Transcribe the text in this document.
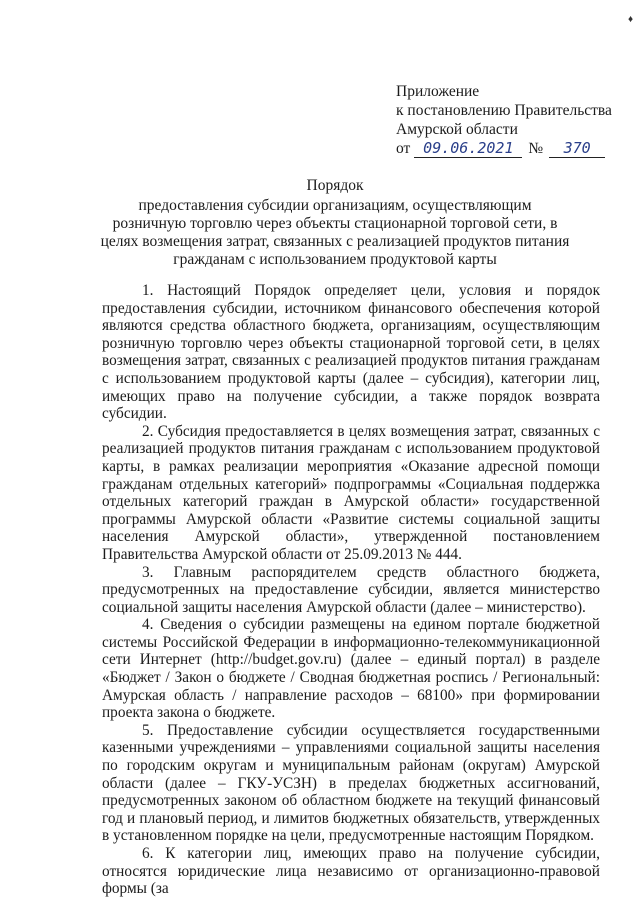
♦
Приложение
к постановлению Правительства
Амурской области
от 09.06.2021 №	370
Порядок
предоставления субсидии организациям, осуществляющим розничную торговлю через объекты стационарной торговой сети, в целях возмещения затрат, связанных с реализацией продуктов питания гражданам с использованием продуктовой карты

1. Настоящий Порядок определяет цели, условия и порядок предоставления субсидии, источником финансового обеспечения которой являются средства областного бюджета, организациям, осуществляющим розничную торговлю через объекты стационарной торговой сети, в целях возмещения затрат, связанных с реализацией продуктов питания гражданам с использованием продуктовой карты (далее – субсидия), категории лиц, имеющих право на получение субсидии, а также порядок возврата субсидии.

2. Субсидия предоставляется в целях возмещения затрат, связанных с реализацией продуктов питания гражданам с использованием продуктовой карты, в рамках реализации мероприятия «Оказание адресной помощи гражданам отдельных категорий» подпрограммы «Социальная поддержка отдельных категорий граждан в Амурской области» государственной программы Амурской области «Развитие системы социальной защиты населения Амурской области», утвержденной постановлением Правительства Амурской области от 25.09.2013 № 444.

3. Главным распорядителем средств областного бюджета, предусмотренных на предоставление субсидии, является министерство социальной защиты населения Амурской области (далее – министерство).

4. Сведения о субсидии размещены на едином портале бюджетной системы Российской Федерации в информационно-телекоммуникационной сети Интернет (http://budget.gov.ru) (далее – единый портал) в разделе «Бюджет / Закон о бюджете / Сводная бюджетная роспись / Региональный: Амурская область / направление расходов – 68100» при формировании проекта закона о бюджете.

5. Предоставление субсидии осуществляется государственными казенными учреждениями – управлениями социальной защиты населения по городским округам и муниципальным районам (округам) Амурской области (далее – ГКУ-УСЗН) в пределах бюджетных ассигнований, предусмотренных законом об областном бюджете на текущий финансовый год и плановый период, и лимитов бюджетных обязательств, утвержденных в установленном порядке на цели, предусмотренные настоящим Порядком.

6. К категории лиц, имеющих право на получение субсидии, относятся юридические лица независимо от организационно-правовой формы (за
